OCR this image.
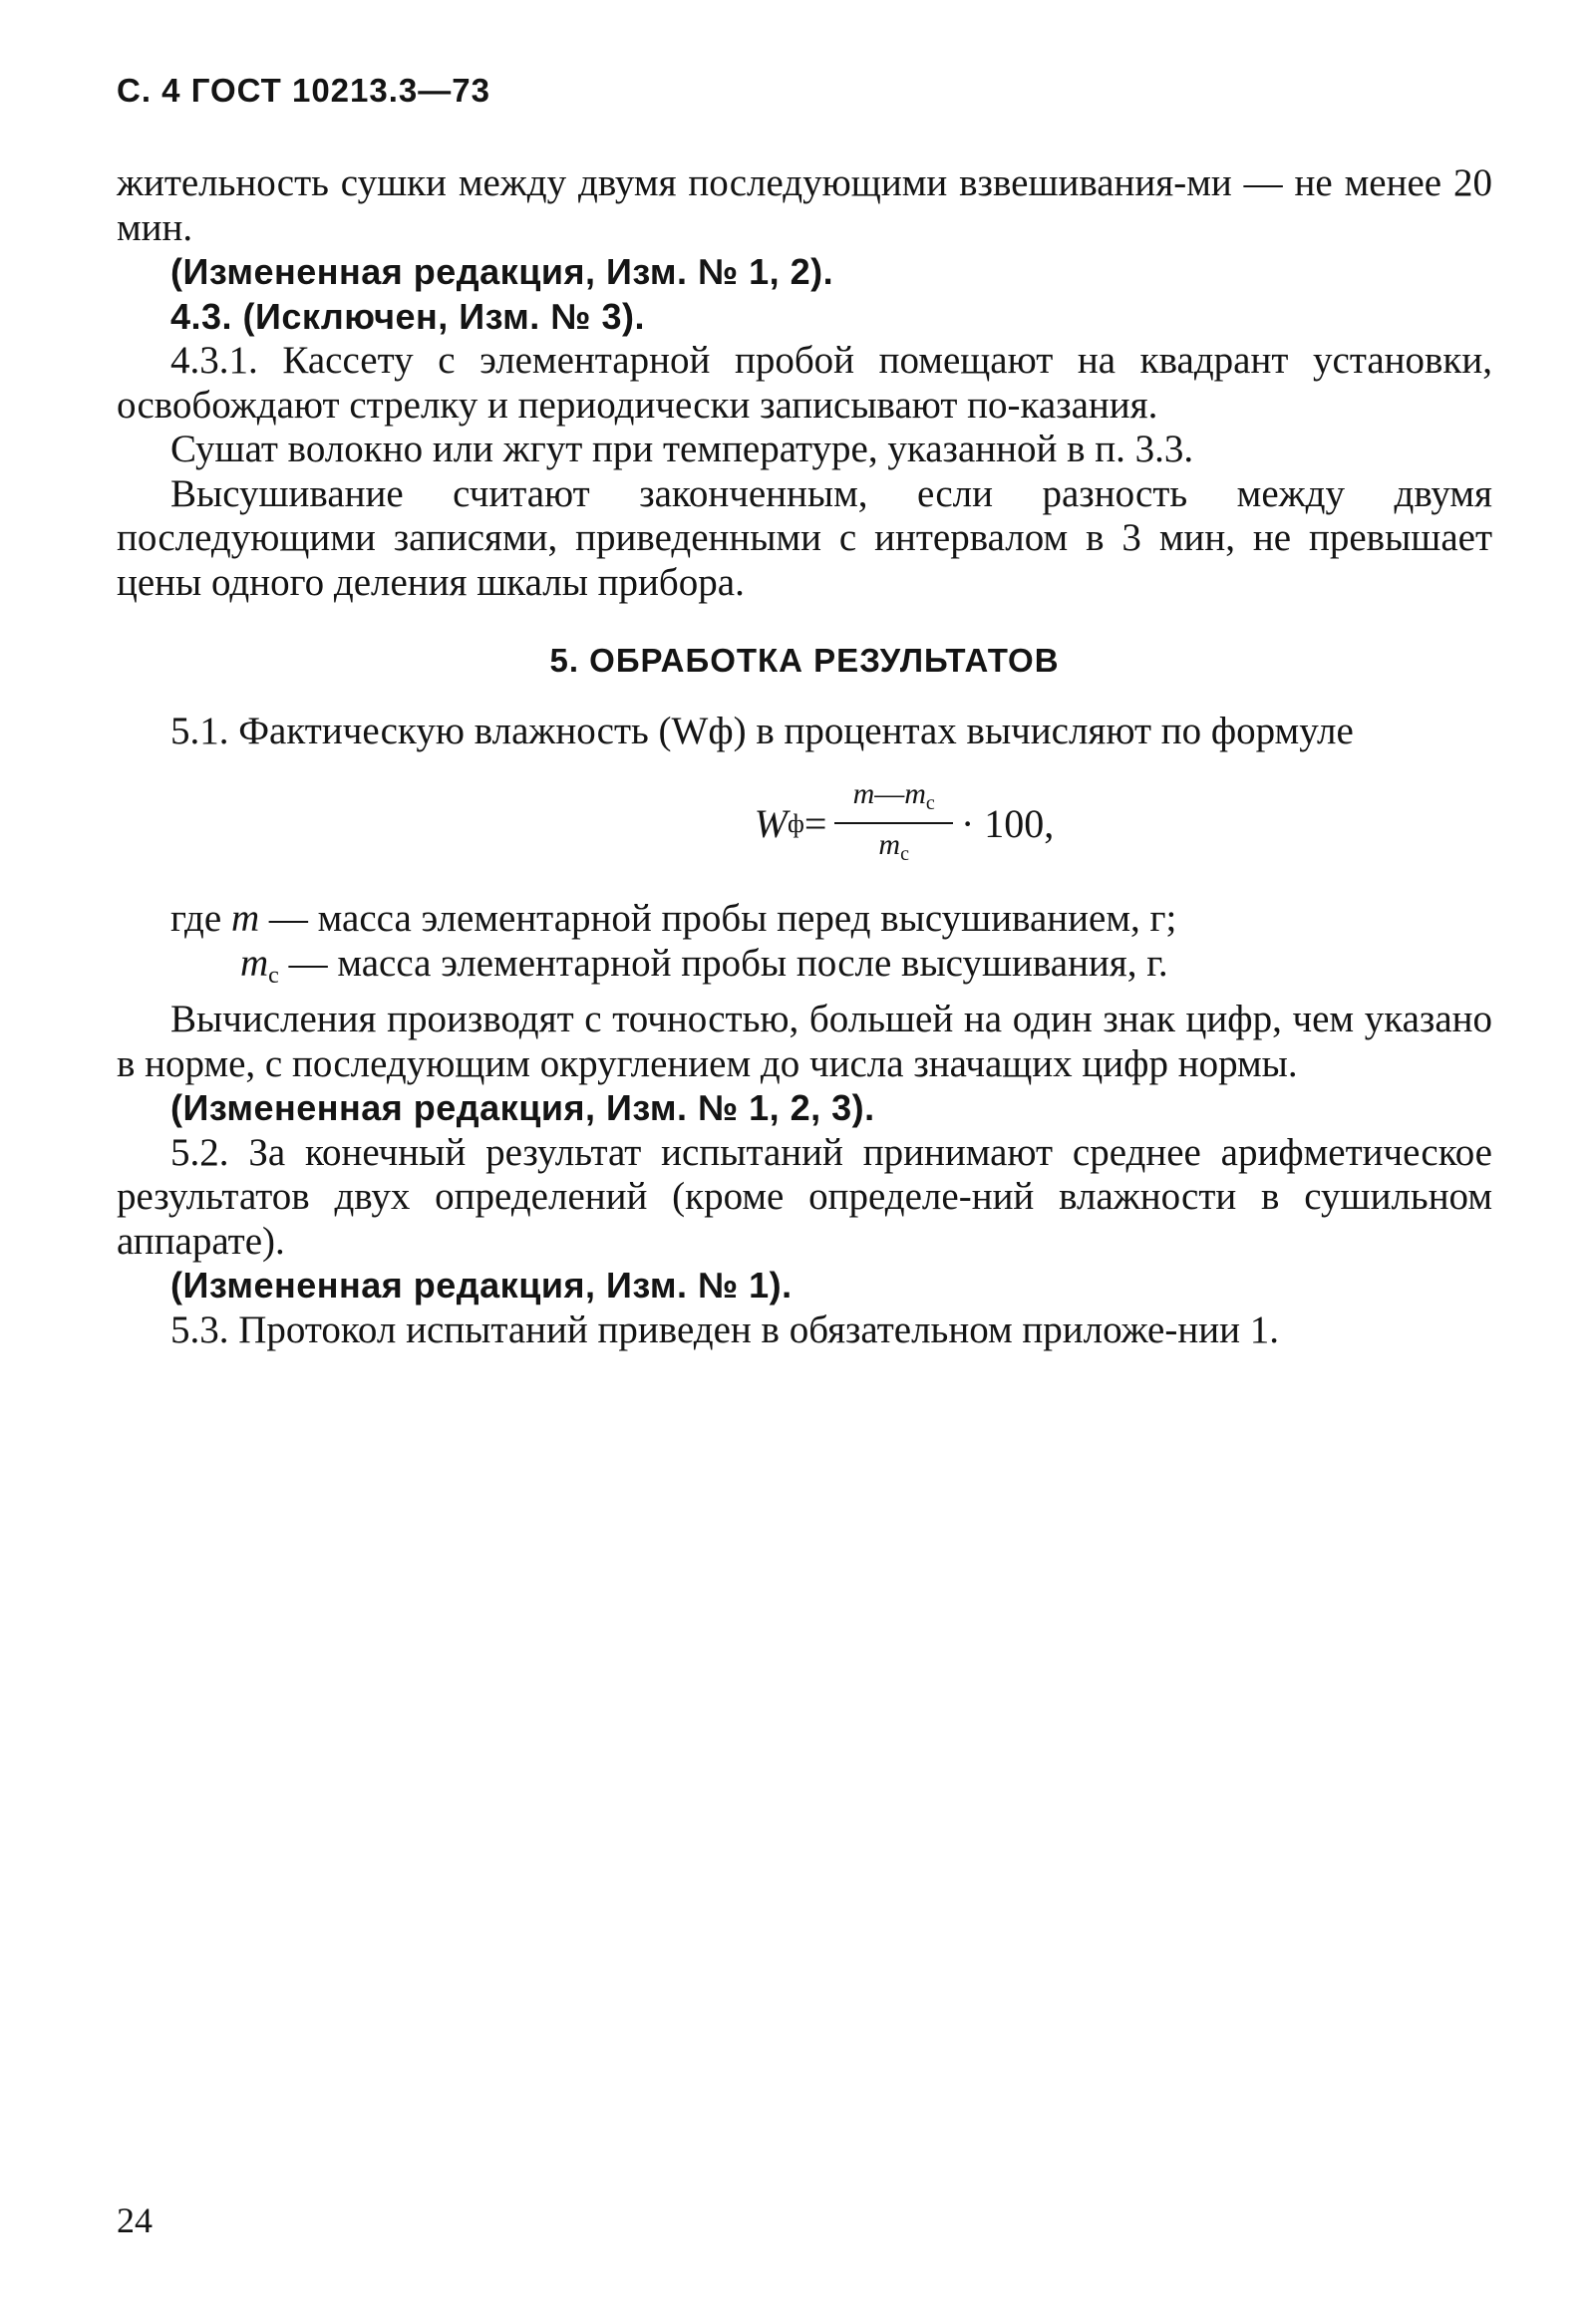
С. 4 ГОСТ 10213.3—73

жительность сушки между двумя последующими взвешивания-ми — не менее 20 мин.

(Измененная редакция, Изм. № 1, 2).

4.3. (Исключен, Изм. № 3).

4.3.1. Кассету с элементарной пробой помещают на квадрант установки, освобождают стрелку и периодически записывают по-казания.

Сушат волокно или жгут при температуре, указанной в п. 3.3.

Высушивание считают законченным, если разность между двумя последующими записями, приведенными с интервалом в 3 мин, не превышает цены одного деления шкалы прибора.

5. ОБРАБОТКА РЕЗУЛЬТАТОВ

5.1. Фактическую влажность (Wф) в процентах вычисляют по формуле

W $ф = \frac{m—m_c}{m_c} \cdot 100$,
где m — масса элементарной пробы перед высушиванием, г;
mc — масса элементарной пробы после высушивания, г.

Вычисления производят с точностью, большей на один знак цифр, чем указано в норме, с последующим округлением до числа значащих цифр нормы.

(Измененная редакция, Изм. № 1, 2, 3).

5.2. За конечный результат испытаний принимают среднее арифметическое результатов двух определений (кроме определе-ний влажности в сушильном аппарате).

(Измененная редакция, Изм. № 1).

5.3. Протокол испытаний приведен в обязательном приложе-нии 1.

24
